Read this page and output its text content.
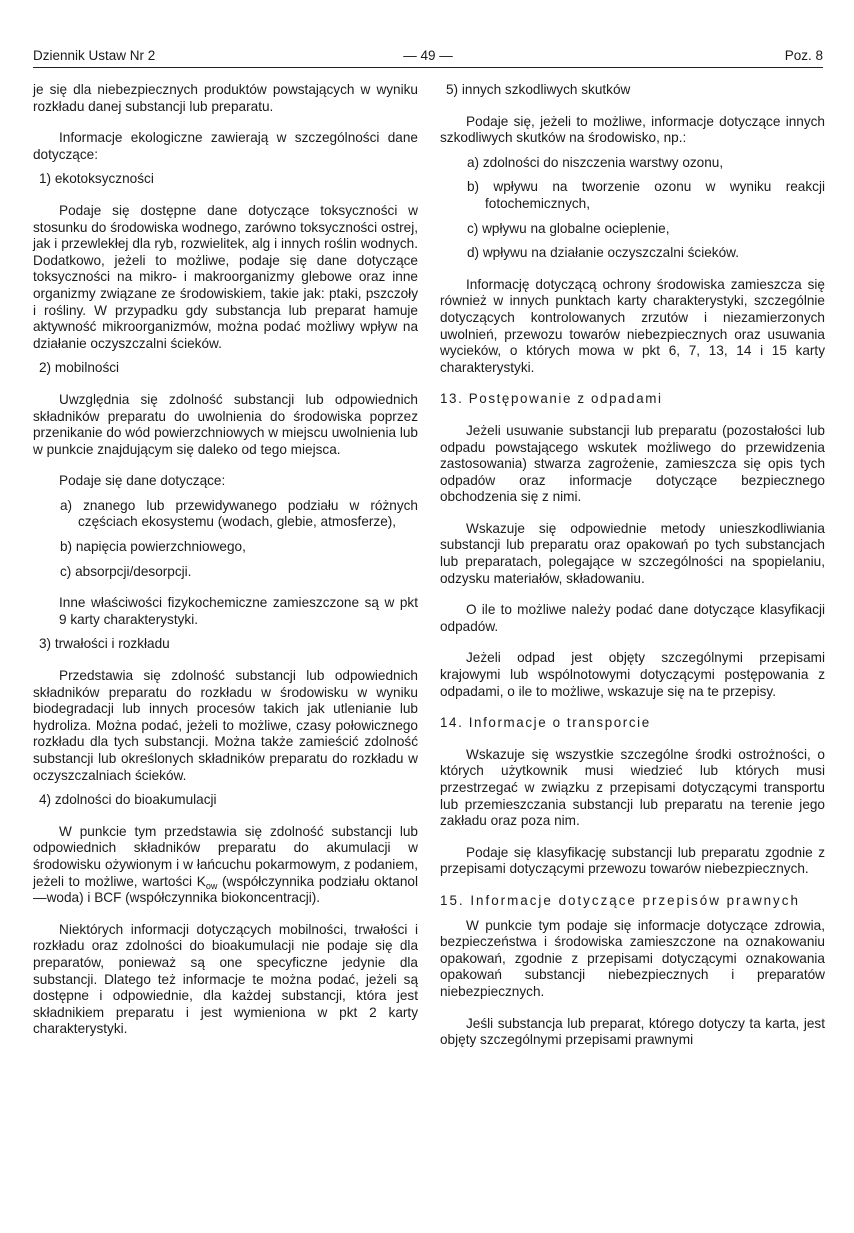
Dziennik Ustaw Nr 2	— 49 —	Poz. 8

je się dla niebezpiecznych produktów powstających w wyniku rozkładu danej substancji lub preparatu.

Informacje ekologiczne zawierają w szczególności dane dotyczące:

1) ekotoksyczności

Podaje się dostępne dane dotyczące toksyczności w stosunku do środowiska wodnego, zarówno toksyczności ostrej, jak i przewlekłej dla ryb, rozwielitek, alg i innych roślin wodnych. Dodatkowo, jeżeli to możliwe, podaje się dane dotyczące toksyczności na mikro- i makroorganizmy glebowe oraz inne organizmy związane ze środowiskiem, takie jak: ptaki, pszczoły i rośliny. W przypadku gdy substancja lub preparat hamuje aktywność mikroorganizmów, można podać możliwy wpływ na działanie oczyszczalni ścieków.

2) mobilności

Uwzględnia się zdolność substancji lub odpowiednich składników preparatu do uwolnienia do środowiska poprzez przenikanie do wód powierzchniowych w miejscu uwolnienia lub w punkcie znajdującym się daleko od tego miejsca.

Podaje się dane dotyczące:

a) znanego lub przewidywanego podziału w różnych częściach ekosystemu (wodach, glebie, atmosferze),

b) napięcia powierzchniowego,

c) absorpcji/desorpcji.

Inne właściwości fizykochemiczne zamieszczone są w pkt 9 karty charakterystyki.

3) trwałości i rozkładu

Przedstawia się zdolność substancji lub odpowiednich składników preparatu do rozkładu w środowisku w wyniku biodegradacji lub innych procesów takich jak utlenianie lub hydroliza. Można podać, jeżeli to możliwe, czasy połowicznego rozkładu dla tych substancji. Można także zamieścić zdolność substancji lub określonych składników preparatu do rozkładu w oczyszczalniach ścieków.

4) zdolności do bioakumulacji

W punkcie tym przedstawia się zdolność substancji lub odpowiednich składników preparatu do akumulacji w środowisku ożywionym i w łańcuchu pokarmowym, z podaniem, jeżeli to możliwe, wartości $K_{ow}$ (współczynnika podziału oktanol—woda) i BCF (współczynnika biokoncentracji).

Niektórych informacji dotyczących mobilności, trwałości i rozkładu oraz zdolności do bioakumulacji nie podaje się dla preparatów, ponieważ są one specyficzne jedynie dla substancji. Dlatego też informacje te można podać, jeżeli są dostępne i odpowiednie, dla każdej substancji, która jest składnikiem preparatu i jest wymieniona w pkt 2 karty charakterystyki.

5) innych szkodliwych skutków

Podaje się, jeżeli to możliwe, informacje dotyczące innych szkodliwych skutków na środowisko, np.:

a) zdolności do niszczenia warstwy ozonu,

b) wpływu na tworzenie ozonu w wyniku reakcji fotochemicznych,

c) wpływu na globalne ocieplenie,

d) wpływu na działanie oczyszczalni ścieków.

Informację dotyczącą ochrony środowiska zamieszcza się również w innych punktach karty charakterystyki, szczególnie dotyczących kontrolowanych zrzutów i niezamierzonych uwolnień, przewozu towarów niebezpiecznych oraz usuwania wycieków, o których mowa w pkt 6, 7, 13, 14 i 15 karty charakterystyki.

13. Postępowanie z odpadami

Jeżeli usuwanie substancji lub preparatu (pozostałości lub odpadu powstającego wskutek możliwego do przewidzenia zastosowania) stwarza zagrożenie, zamieszcza się opis tych odpadów oraz informacje dotyczące bezpiecznego obchodzenia się z nimi.

Wskazuje się odpowiednie metody unieszkodliwiania substancji lub preparatu oraz opakowań po tych substancjach lub preparatach, polegające w szczególności na spopielaniu, odzysku materiałów, składowaniu.

O ile to możliwe należy podać dane dotyczące klasyfikacji odpadów.

Jeżeli odpad jest objęty szczególnymi przepisami krajowymi lub wspólnotowymi dotyczącymi postępowania z odpadami, o ile to możliwe, wskazuje się na te przepisy.

14. Informacje o transporcie

Wskazuje się wszystkie szczególne środki ostrożności, o których użytkownik musi wiedzieć lub których musi przestrzegać w związku z przepisami dotyczącymi transportu lub przemieszczania substancji lub preparatu na terenie jego zakładu oraz poza nim.

Podaje się klasyfikację substancji lub preparatu zgodnie z przepisami dotyczącymi przewozu towarów niebezpiecznych.

15. Informacje dotyczące przepisów prawnych

W punkcie tym podaje się informacje dotyczące zdrowia, bezpieczeństwa i środowiska zamieszczone na oznakowaniu opakowań, zgodnie z przepisami dotyczącymi oznakowania opakowań substancji niebezpiecznych i preparatów niebezpiecznych.

Jeśli substancja lub preparat, którego dotyczy ta karta, jest objęty szczególnymi przepisami prawnymi
